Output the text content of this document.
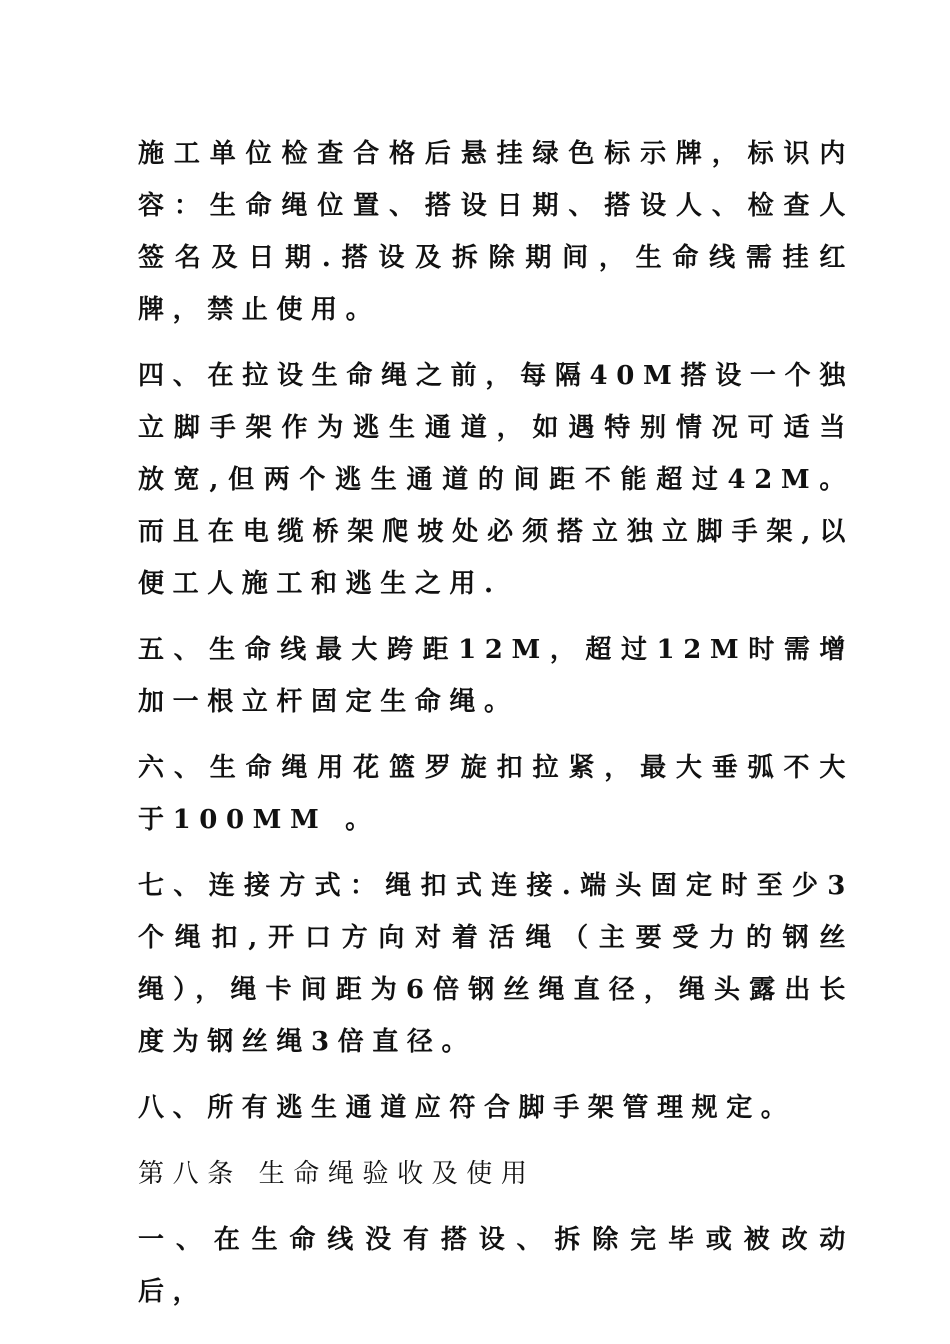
施工单位检查合格后悬挂绿色标示牌，标识内容：生命绳位置、搭设日期、搭设人、检查人签名及日期.搭设及拆除期间，生命线需挂红牌，禁止使用。

四、在拉设生命绳之前，每隔40M搭设一个独立脚手架作为逃生通道，如遇特别情况可适当放宽,但两个逃生通道的间距不能超过42M。而且在电缆桥架爬坡处必须搭立独立脚手架,以便工人施工和逃生之用.

五、生命线最大跨距12M，超过12M时需增加一根立杆固定生命绳。

六、生命绳用花篮罗旋扣拉紧，最大垂弧不大于100MM 。

七、连接方式：绳扣式连接.端头固定时至少3个绳扣,开口方向对着活绳（主要受力的钢丝绳），绳卡间距为6倍钢丝绳直径，绳头露出长度为钢丝绳3倍直径。

八、所有逃生通道应符合脚手架管理规定。

第八条 生命绳验收及使用

一、在生命线没有搭设、拆除完毕或被改动后，
